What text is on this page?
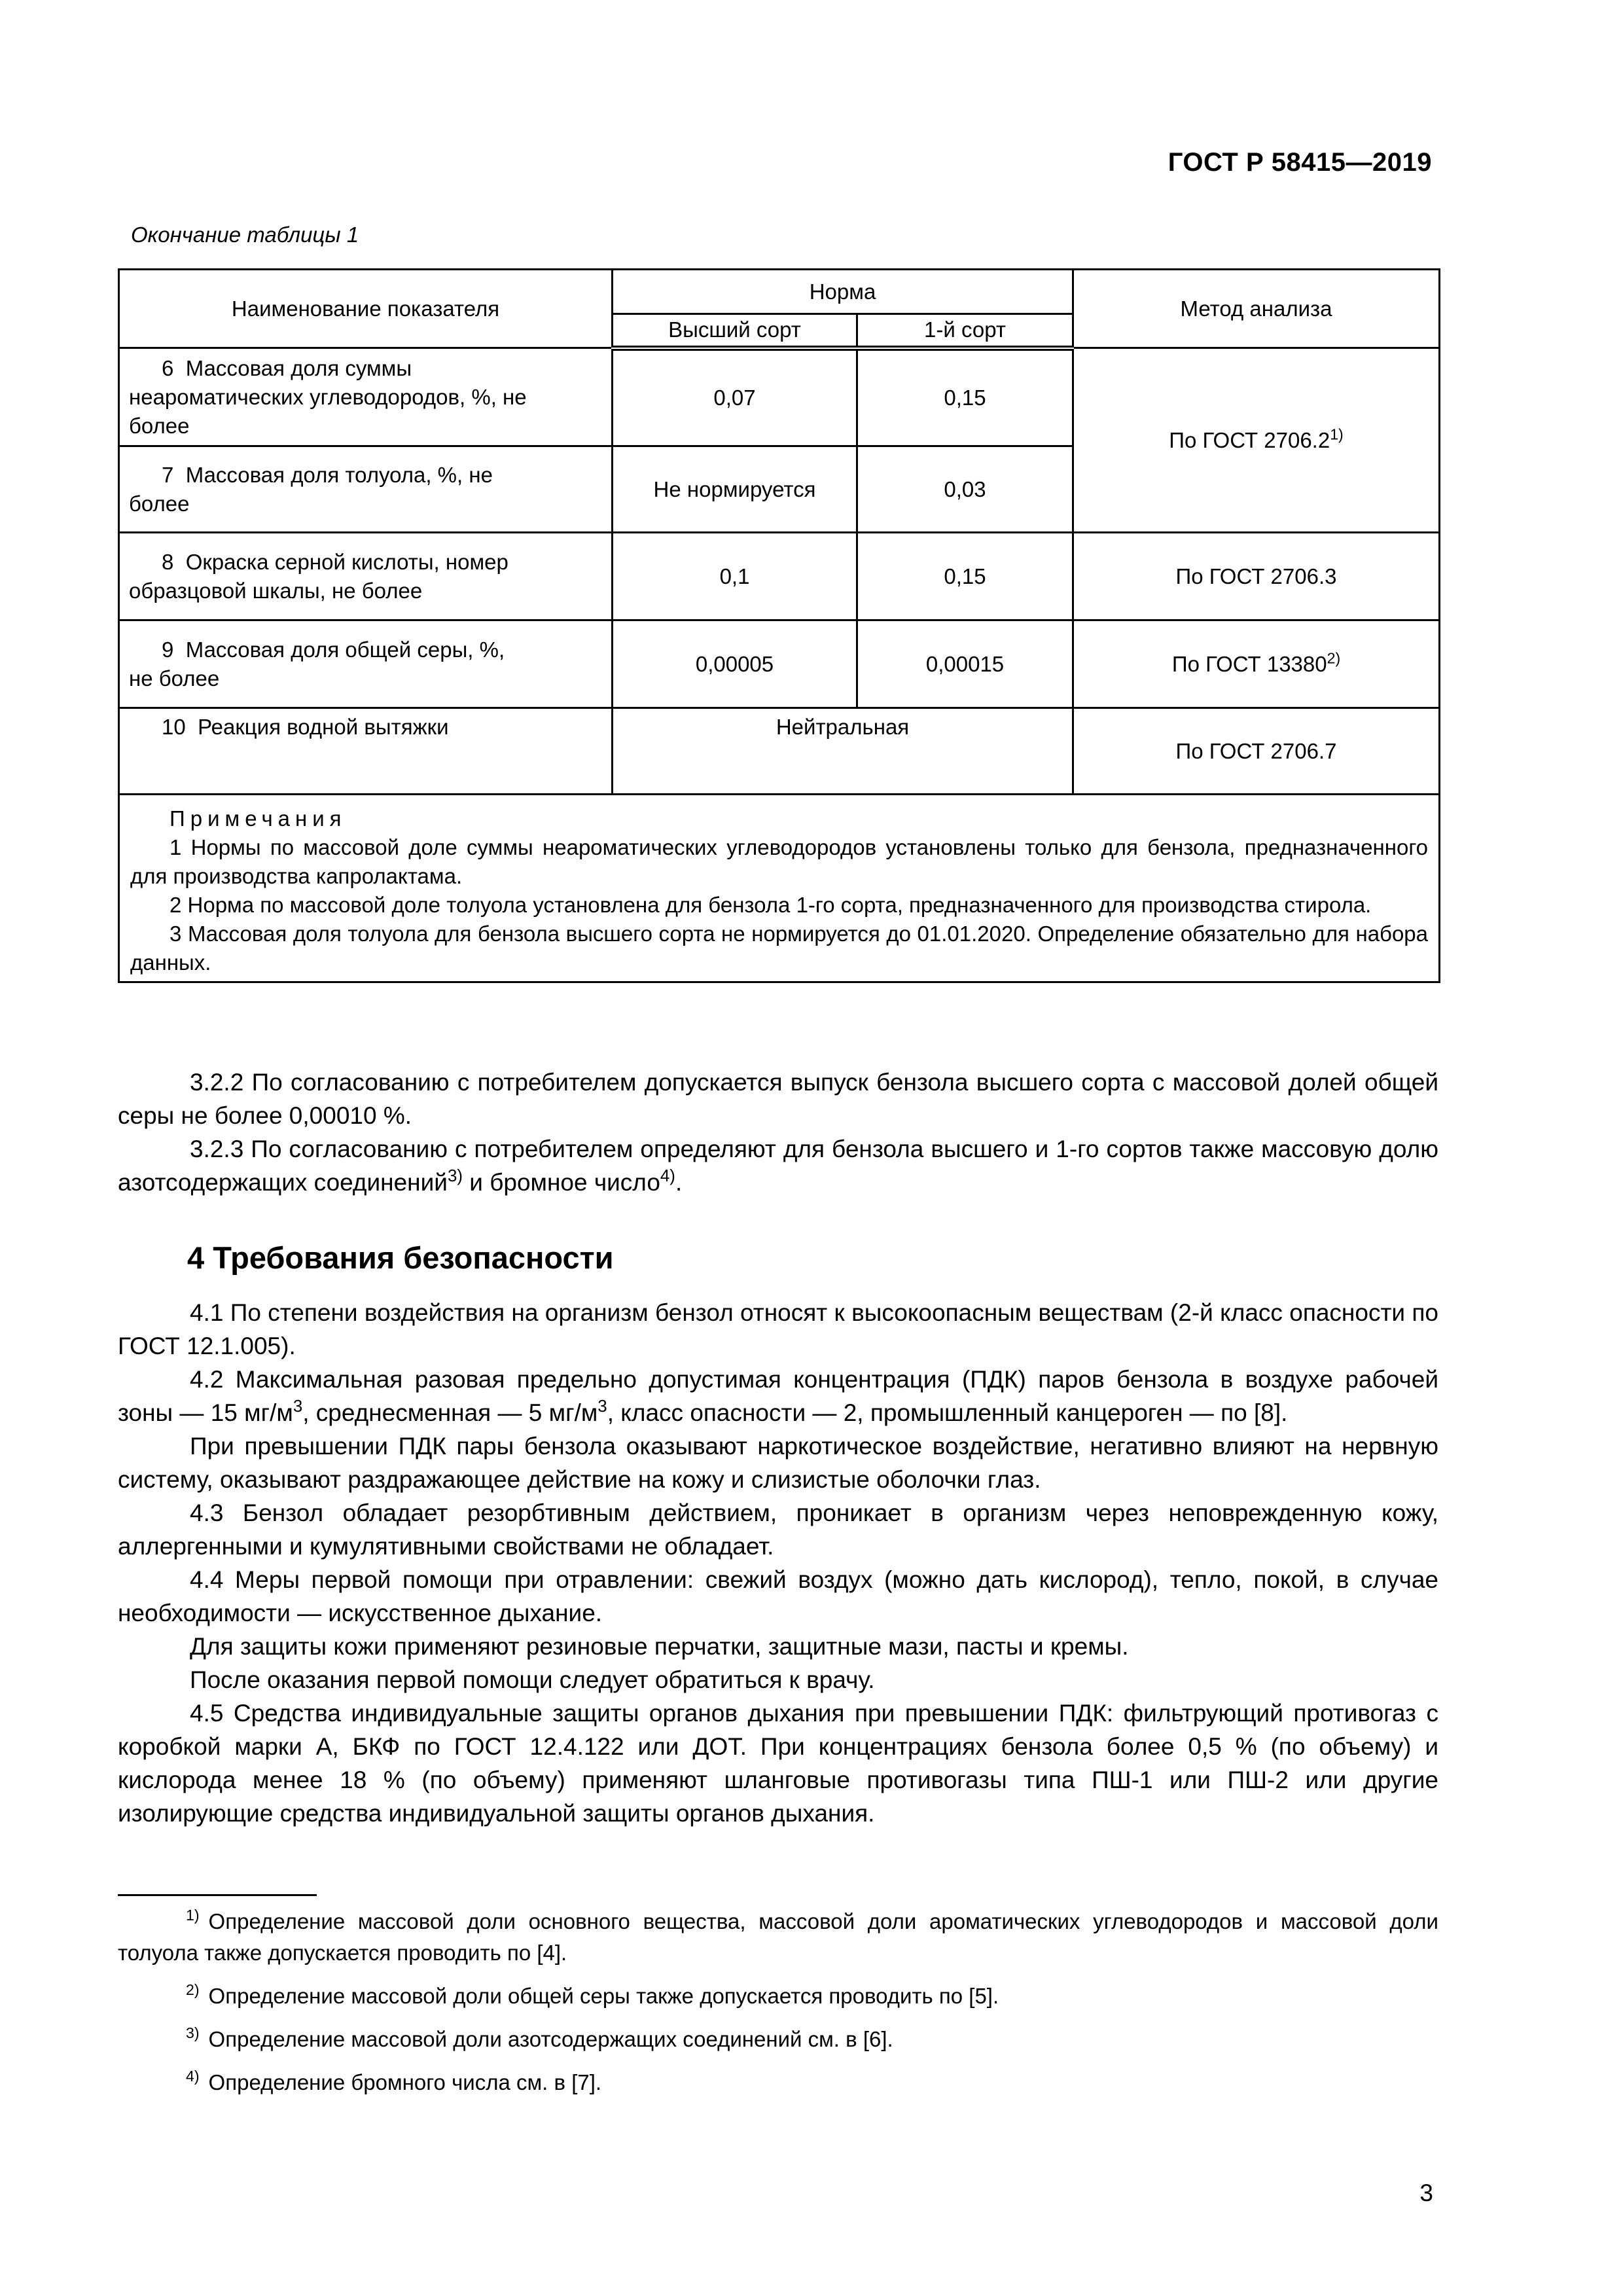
ГОСТ Р 58415—2019
Окончание таблицы 1
Наименование показателя	Норма		Метод анализа
	Высший сорт	1-й сорт	

6 Массовая доля суммы
неароматических углеводородов, %, не
более	0,07	0,15	По ГОСТ 2706.2$^{1)}$

7 Массовая доля толуола, %, не
более	Не нормируется	0,03	

8 Окраска серной кислоты, номер
образцовой шкалы, не более	0,1	0,15	По ГОСТ 2706.3

9 Массовая доля общей серы, %,
не более	0,00005	0,00015	По ГОСТ 13380$^{2)}$

10 Реакция водной вытяжки	Нейтральная		По ГОСТ 2706.7

Примечания
1 Нормы по массовой доле суммы неароматических углеводородов установлены только для бензола, предназначенного для производства капролактама.
2 Норма по массовой доле толуола установлена для бензола 1-го сорта, предназначенного для производства стирола.
3 Массовая доля толуола для бензола высшего сорта не нормируется до 01.01.2020. Определение обязательно для набора данных.			

3.2.2 По согласованию с потребителем допускается выпуск бензола высшего сорта с массовой долей общей серы не более 0,00010 %.

3.2.3 По согласованию с потребителем определяют для бензола высшего и 1-го сортов также массовую долю азотсодержащих соединений$^{3)}$ и бромное число$^{4)}$.

4 Требования безопасности

4.1 По степени воздействия на организм бензол относят к высокоопасным веществам (2-й класс опасности по ГОСТ 12.1.005).

4.2 Максимальная разовая предельно допустимая концентрация (ПДК) паров бензола в воздухе рабочей зоны — 15 $мг/м^3$, среднесменная — 5 $мг/м^3$, класс опасности — 2, промышленный канцероген — по [8].

При превышении ПДК пары бензола оказывают наркотическое воздействие, негативно влияют на нервную систему, оказывают раздражающее действие на кожу и слизистые оболочки глаз.

4.3 Бензол обладает резорбтивным действием, проникает в организм через неповрежденную кожу, аллергенными и кумулятивными свойствами не обладает.

4.4 Меры первой помощи при отравлении: свежий воздух (можно дать кислород), тепло, покой, в случае необходимости — искусственное дыхание.

Для защиты кожи применяют резиновые перчатки, защитные мази, пасты и кремы.

После оказания первой помощи следует обратиться к врачу.

4.5 Средства индивидуальные защиты органов дыхания при превышении ПДК: фильтрующий противогаз с коробкой марки А, БКФ по ГОСТ 12.4.122 или ДОТ. При концентрациях бензола более 0,5 % (по объему) и кислорода менее 18 % (по объему) применяют шланговые противогазы типа ПШ-1 или ПШ-2 или другие изолирующие средства индивидуальной защиты органов дыхания.

$^{1)}$ Определение массовой доли основного вещества, массовой доли ароматических углеводородов и массовой доли толуола также допускается проводить по [4].

$^{2)}$ Определение массовой доли общей серы также допускается проводить по [5].

$^{3)}$ Определение массовой доли азотсодержащих соединений см. в [6].

$^{4)}$ Определение бромного числа см. в [7].

3
